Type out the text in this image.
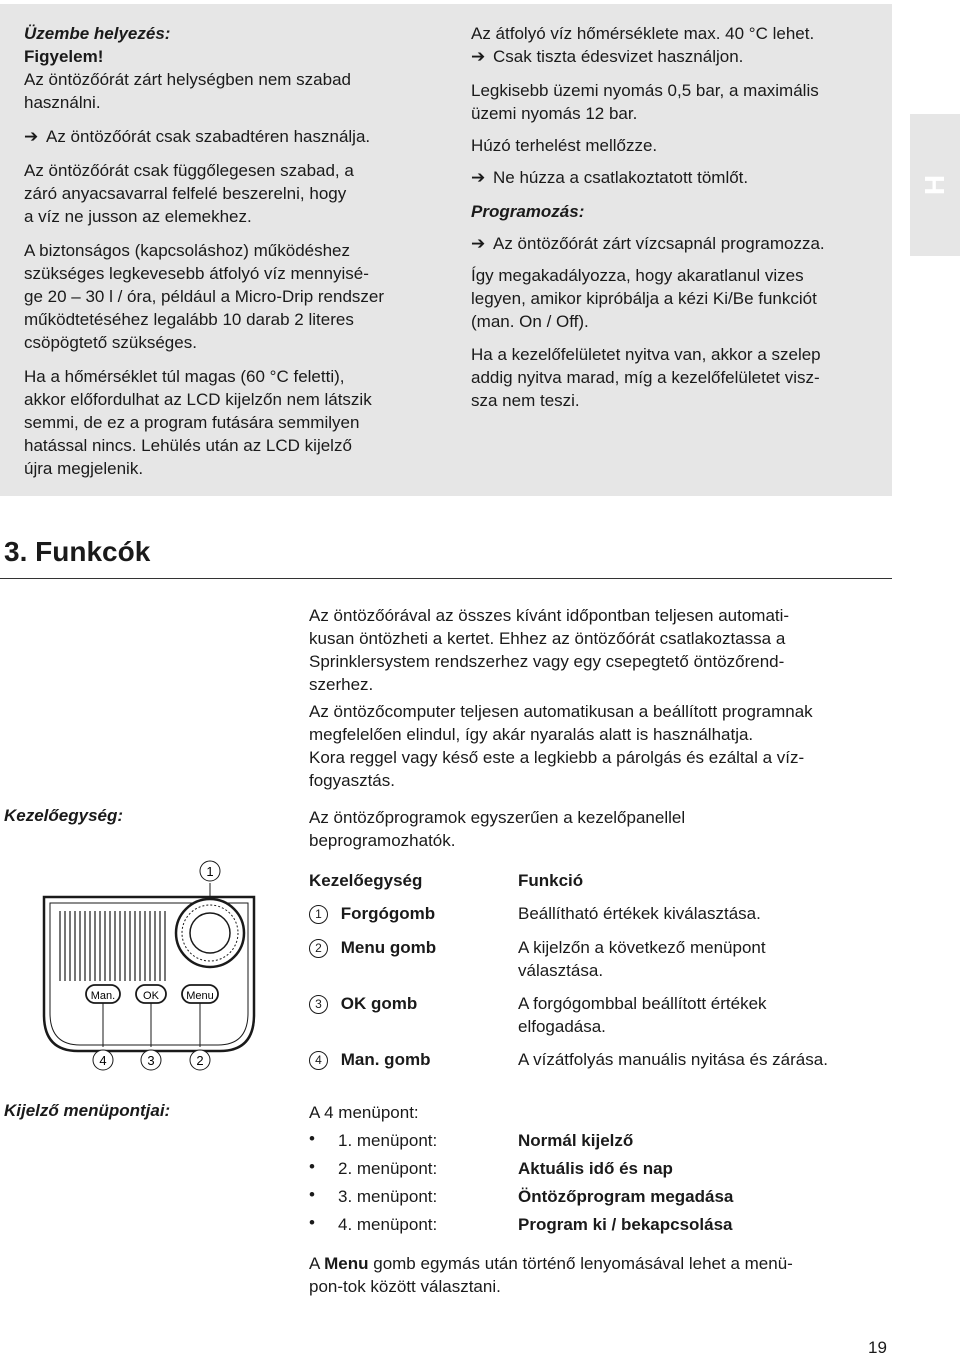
Üzembe helyezés:

Figyelem!

Az öntözőórát zárt helységben nem szabad

használni.

➔ Az öntözőórát csak szabadtéren használja.

Az öntözőórát csak függőlegesen szabad, a

záró anyacsavarral felfelé beszerelni, hogy

a víz ne jusson az elemekhez.

A biztonságos (kapcsoláshoz) működéshez

szükséges legkevesebb átfolyó víz mennyisé-

ge 20 – 30 l / óra, például a Micro-Drip rendszer

működtetéséhez legalább 10 darab 2 literes

csöpögtető szükséges.

Ha a hőmérséklet túl magas (60 °C feletti),

akkor előfordulhat az LCD kijelzőn nem látszik

semmi, de ez a program futására semmilyen

hatással nincs. Lehülés után az LCD kijelző

újra megjelenik.

Az átfolyó víz hőmérséklete max. 40 °C lehet.

➔ Csak tiszta édesvizet használjon.

Legkisebb üzemi nyomás 0,5 bar, a maximális

üzemi nyomás 12 bar.

Húzó terhelést mellőzze.

➔ Ne húzza a csatlakoztatott tömlőt.

Programozás:

➔ Az öntözőórát zárt vízcsapnál programozza.

Így megakadályozza, hogy akaratlanul vizes

legyen, amikor kipróbálja a kézi Ki/Be funkciót

(man. On / Off).

Ha a kezelőfelületet nyitva van, akkor a szelep

addig nyitva marad, míg a kezelőfelületet visz-

sza nem teszi.

H
3. Funkcók
Az öntözőórával az összes kívánt időpontban teljesen automati-
kusan öntözheti a kertet. Ehhez az öntözőórát csatlakoztassa a
Sprinklersystem rendszerhez vagy egy csepegtető öntözőrend-
szerhez.
Az öntözőcomputer teljesen automatikusan a beállított programnak
megfelelően elindul, így akár nyaralás alatt is használhatja.
Kora reggel vagy késő este a legkiebb a párolgás és ezáltal a víz-
fogyasztás.
Kezelőegység:	Az öntözőprogramok egyszerűen a kezelőpanellel
beprogramozhatók.
Man.	OK Menu
1
4	3	2
Kezelőegység	Funkció
1 Forgógomb	Beállítható értékek kiválasztása.
2 Menu gomb	A kijelzőn a következő menüpont
választása.
3 OK gomb	A forgógombbal beállított értékek
elfogadása.
4 Man. gomb	A vízátfolyás manuális nyitása és zárása.
Kijelző menüpontjai:	A 4 menüpont:
• 1. menüpont:	Normál kijelző
• 2. menüpont:	Aktuális idő és nap
• 3. menüpont:	Öntözőprogram megadása
• 4. menüpont:	Program ki / bekapcsolása
A Menu gomb egymás után történő lenyomásával lehet a menü-
pon-tok között választani.
19
